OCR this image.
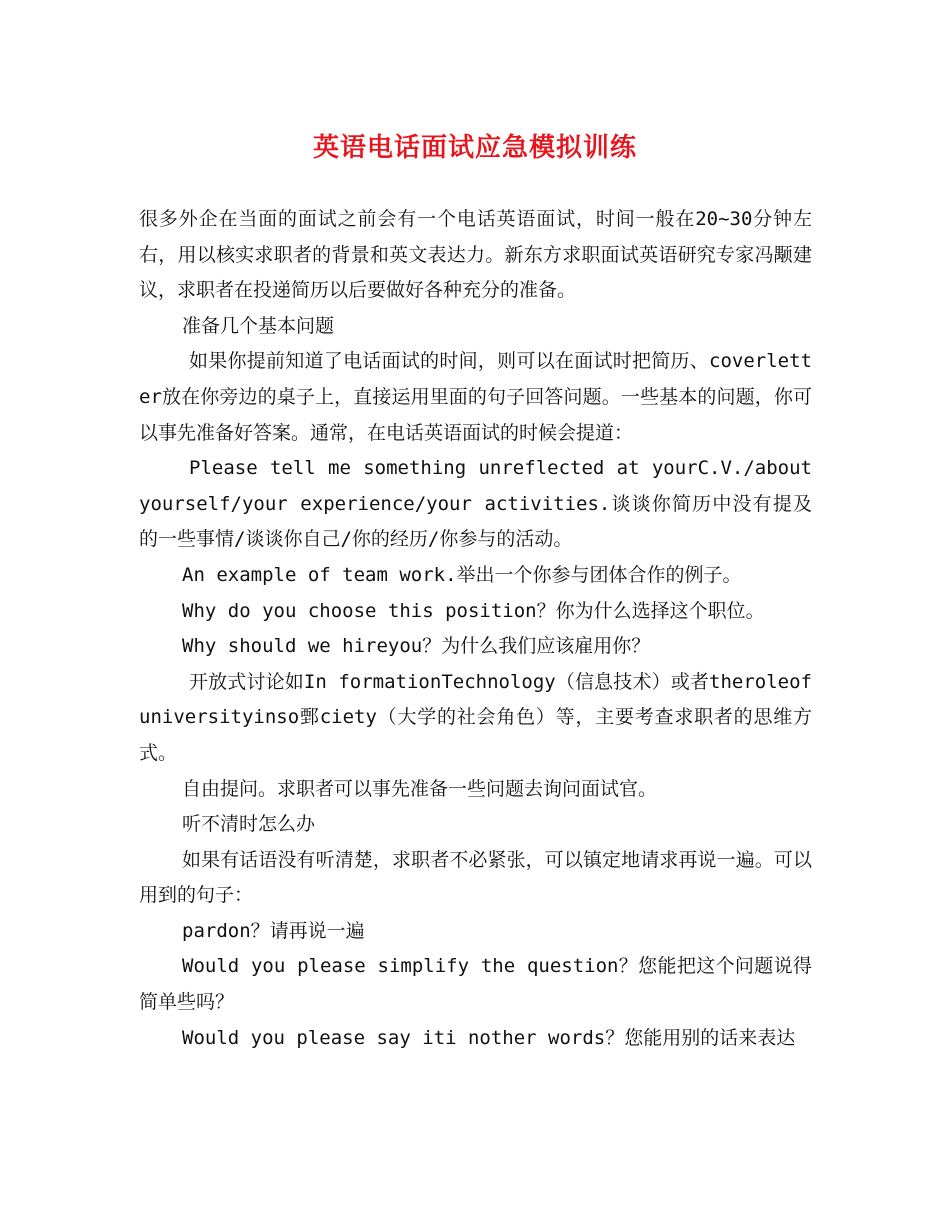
英语电话面试应急模拟训练

很多外企在当面的面试之前会有一个电话英语面试，时间一般在20~30分钟左右，用以核实求职者的背景和英文表达力。新东方求职面试英语研究专家冯颙建议，求职者在投递简历以后要做好各种充分的准备。

准备几个基本问题

如果你提前知道了电话面试的时间，则可以在面试时把简历、coverletter放在你旁边的桌子上，直接运用里面的句子回答问题。一些基本的问题，你可以事先准备好答案。通常，在电话英语面试的时候会提道：

Please tell me something unreflected at yourC.V./about yourself/your experience/your activities.谈谈你简历中没有提及的一些事情/谈谈你自己/你的经历/你参与的活动。

An example of team work.举出一个你参与团体合作的例子。

Why do you choose this position？你为什么选择这个职位。

Why should we hireyou？为什么我们应该雇用你？

开放式讨论如In formationTechnology（信息技术）或者theroleofuniversityinso鄄ciety（大学的社会角色）等，主要考查求职者的思维方式。

自由提问。求职者可以事先准备一些问题去询问面试官。

听不清时怎么办

如果有话语没有听清楚，求职者不必紧张，可以镇定地请求再说一遍。可以用到的句子：

pardon？请再说一遍

Would you please simplify the question？您能把这个问题说得简单些吗？

Would you please say iti nother words？您能用别的话来表达
